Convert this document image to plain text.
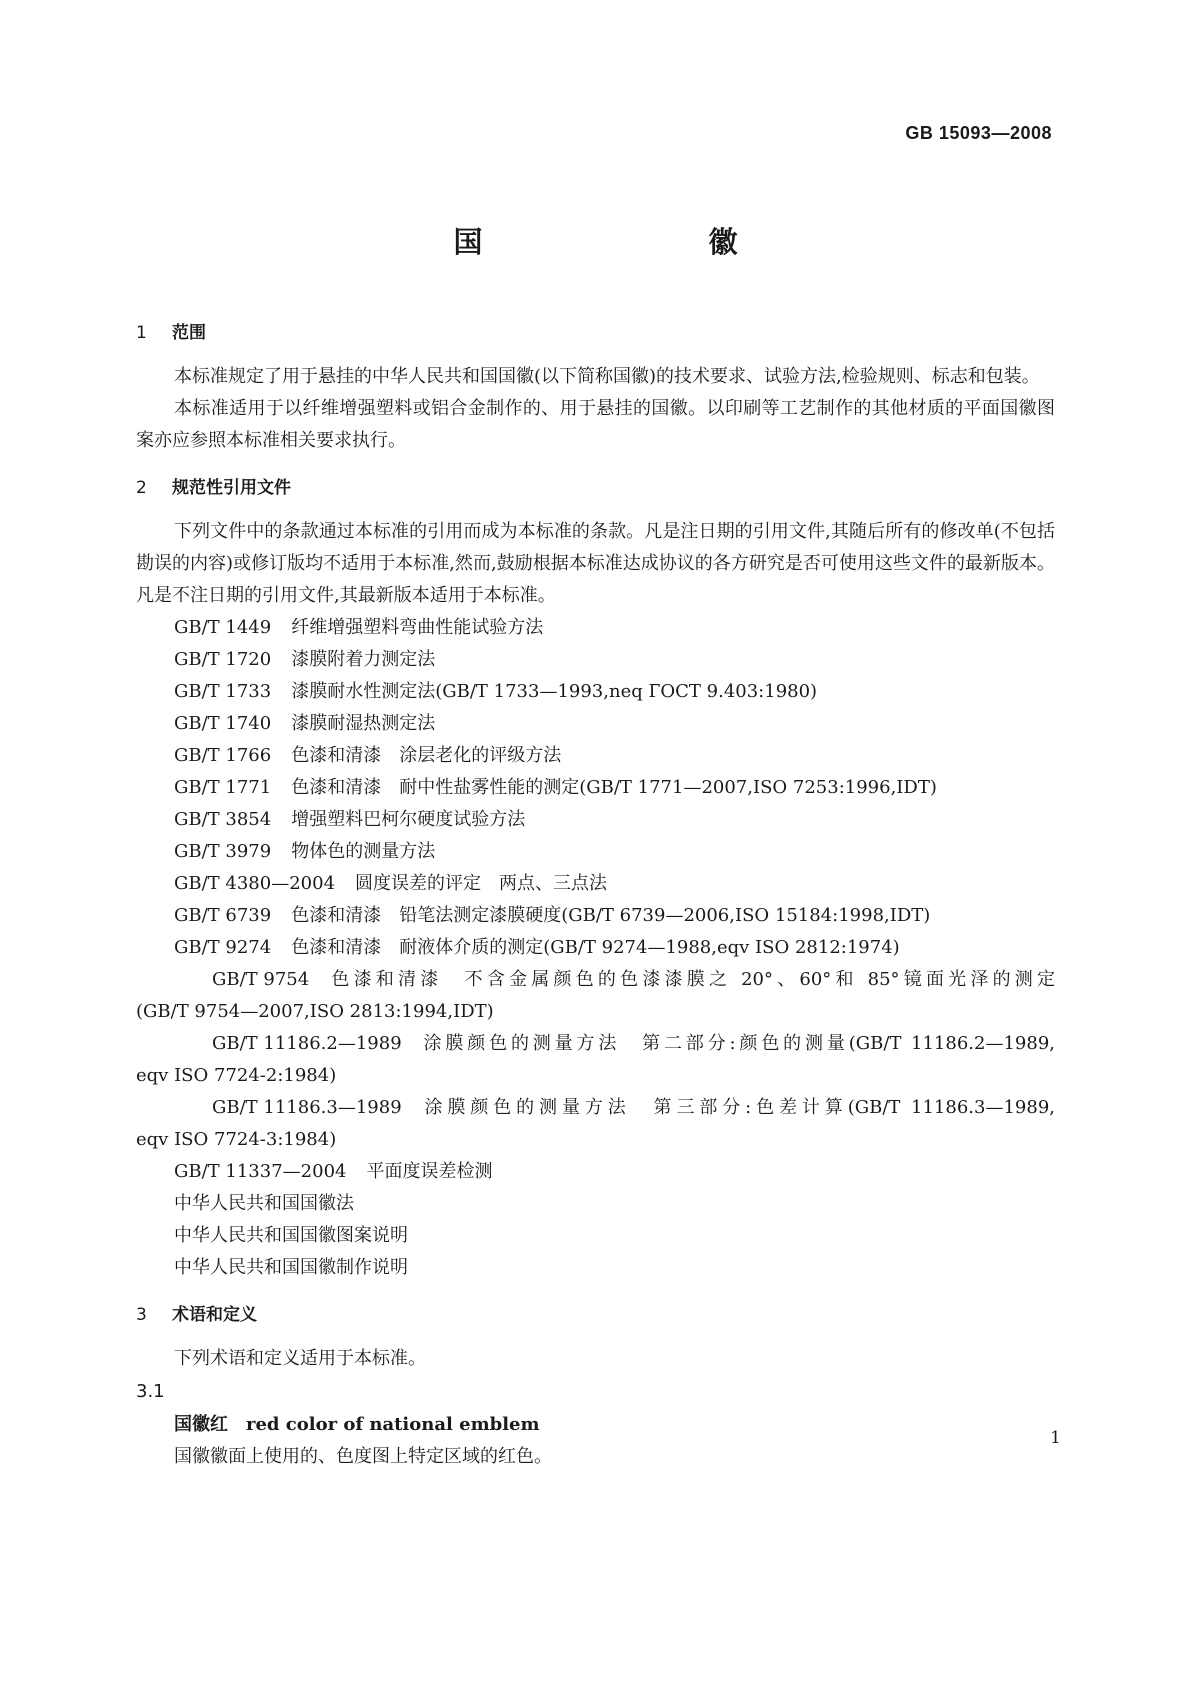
GB 15093—2008
国 徽
1 范围

本标准规定了用于悬挂的中华人民共和国国徽(以下简称国徽)的技术要求、试验方法,检验规则、标志和包装。

本标准适用于以纤维增强塑料或铝合金制作的、用于悬挂的国徽。以印刷等工艺制作的其他材质的平面国徽图案亦应参照本标准相关要求执行。

2 规范性引用文件

下列文件中的条款通过本标准的引用而成为本标准的条款。凡是注日期的引用文件,其随后所有的修改单(不包括勘误的内容)或修订版均不适用于本标准,然而,鼓励根据本标准达成协议的各方研究是否可使用这些文件的最新版本。凡是不注日期的引用文件,其最新版本适用于本标准。

GB/T 1449 纤维增强塑料弯曲性能试验方法
GB/T 1720 漆膜附着力测定法
GB/T 1733 漆膜耐水性测定法(GB/T 1733—1993,neq ГОСТ 9.403:1980)
GB/T 1740 漆膜耐湿热测定法
GB/T 1766 色漆和清漆　涂层老化的评级方法
GB/T 1771 色漆和清漆　耐中性盐雾性能的测定(GB/T 1771—2007,ISO 7253:1996,IDT)
GB/T 3854 增强塑料巴柯尔硬度试验方法
GB/T 3979 物体色的测量方法
GB/T 4380—2004 圆度误差的评定　两点、三点法
GB/T 6739 色漆和清漆　铅笔法测定漆膜硬度(GB/T 6739—2006,ISO 15184:1998,IDT)
GB/T 9274 色漆和清漆　耐液体介质的测定(GB/T 9274—1988,eqv ISO 2812:1974)
GB/T 9754 色漆和清漆　不含金属颜色的色漆漆膜之 20°、60°和 85°镜面光泽的测定
(GB/T 9754—2007,ISO 2813:1994,IDT)
GB/T 11186.2—1989 涂膜颜色的测量方法　第二部分:颜色的测量(GB/T 11186.2—1989,
eqv ISO 7724-2:1984)
GB/T 11186.3—1989 涂膜颜色的测量方法　第三部分:色差计算(GB/T 11186.3—1989,
eqv ISO 7724-3:1984)
GB/T 11337—2004 平面度误差检测
中华人民共和国国徽法
中华人民共和国国徽图案说明
中华人民共和国国徽制作说明
3 术语和定义

下列术语和定义适用于本标准。

3.1
国徽红 red color of national emblem

国徽徽面上使用的、色度图上特定区域的红色。

1
